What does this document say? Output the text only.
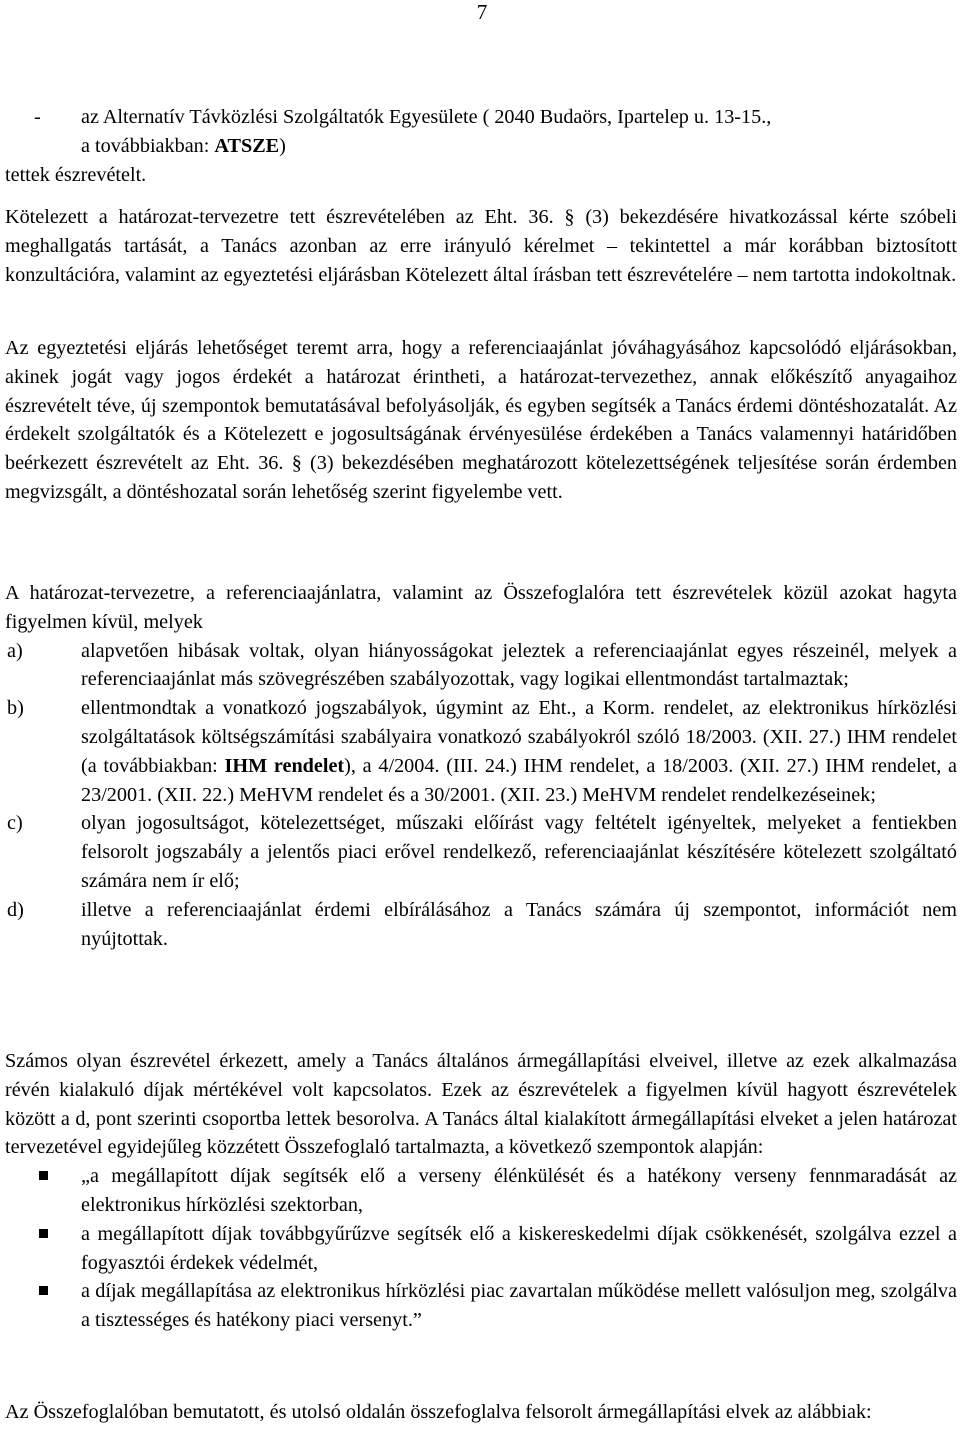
7
-	az Alternatív Távközlési Szolgáltatók Egyesülete ( 2040 Budaörs, Ipartelep u. 13-15.,
a továbbiakban: ATSZE)
tettek észrevételt.

Kötelezett a határozat-tervezetre tett észrevételében az Eht. 36. § (3) bekezdésére hivatkozással kérte szóbeli meghallgatás tartását, a Tanács azonban az erre irányuló kérelmet – tekintettel a már korábban biztosított konzultációra, valamint az egyeztetési eljárásban Kötelezett által írásban tett észrevételére – nem tartotta indokoltnak.

Az egyeztetési eljárás lehetőséget teremt arra, hogy a referenciaajánlat jóváhagyásához kapcsolódó eljárásokban, akinek jogát vagy jogos érdekét a határozat érintheti, a határozat-tervezethez, annak előkészítő anyagaihoz észrevételt téve, új szempontok bemutatásával befolyásolják, és egyben segítsék a Tanács érdemi döntéshozatalát. Az érdekelt szolgáltatók és a Kötelezett e jogosultságának érvényesülése érdekében a Tanács valamennyi határidőben beérkezett észrevételt az Eht. 36. § (3) bekezdésében meghatározott kötelezettségének teljesítése során érdemben megvizsgált, a döntéshozatal során lehetőség szerint figyelembe vett.

A határozat-tervezetre, a referenciaajánlatra, valamint az Összefoglalóra tett észrevételek közül azokat hagyta figyelmen kívül, melyek

a)	alapvetően hibásak voltak, olyan hiányosságokat jeleztek a referenciaajánlat egyes részeinél, melyek a referenciaajánlat más szövegrészében szabályozottak, vagy logikai ellentmondást tartalmaztak;
b)	ellentmondtak a vonatkozó jogszabályok, úgymint az Eht., a Korm. rendelet, az elektronikus hírközlési szolgáltatások költségszámítási szabályaira vonatkozó szabályokról szóló 18/2003. (XII. 27.) IHM rendelet (a továbbiakban: IHM rendelet), a 4/2004. (III. 24.) IHM rendelet, a 18/2003. (XII. 27.) IHM rendelet, a 23/2001. (XII. 22.) MeHVM rendelet és a 30/2001. (XII. 23.) MeHVM rendelet rendelkezéseinek;
c)	olyan jogosultságot, kötelezettséget, műszaki előírást vagy feltételt igényeltek, melyeket a fentiekben felsorolt jogszabály a jelentős piaci erővel rendelkező, referenciaajánlat készítésére kötelezett szolgáltató számára nem ír elő;
d)	illetve a referenciaajánlat érdemi elbírálásához a Tanács számára új szempontot, információt nem nyújtottak.

Számos olyan észrevétel érkezett, amely a Tanács általános ármegállapítási elveivel, illetve az ezek alkalmazása révén kialakuló díjak mértékével volt kapcsolatos. Ezek az észrevételek a figyelmen kívül hagyott észrevételek között a d, pont szerinti csoportba lettek besorolva. A Tanács által kialakított ármegállapítási elveket a jelen határozat tervezetével egyidejűleg közzétett Összefoglaló tartalmazta, a következő szempontok alapján:

„a megállapított díjak segítsék elő a verseny élénkülését és a hatékony verseny fennmaradását az elektronikus hírközlési szektorban,
a megállapított díjak továbbgyűrűzve segítsék elő a kiskereskedelmi díjak csökkenését, szolgálva ezzel a fogyasztói érdekek védelmét,
a díjak megállapítása az elektronikus hírközlési piac zavartalan működése mellett valósuljon meg, szolgálva a tisztességes és hatékony piaci versenyt.”

Az Összefoglalóban bemutatott, és utolsó oldalán összefoglalva felsorolt ármegállapítási elvek az alábbiak:
